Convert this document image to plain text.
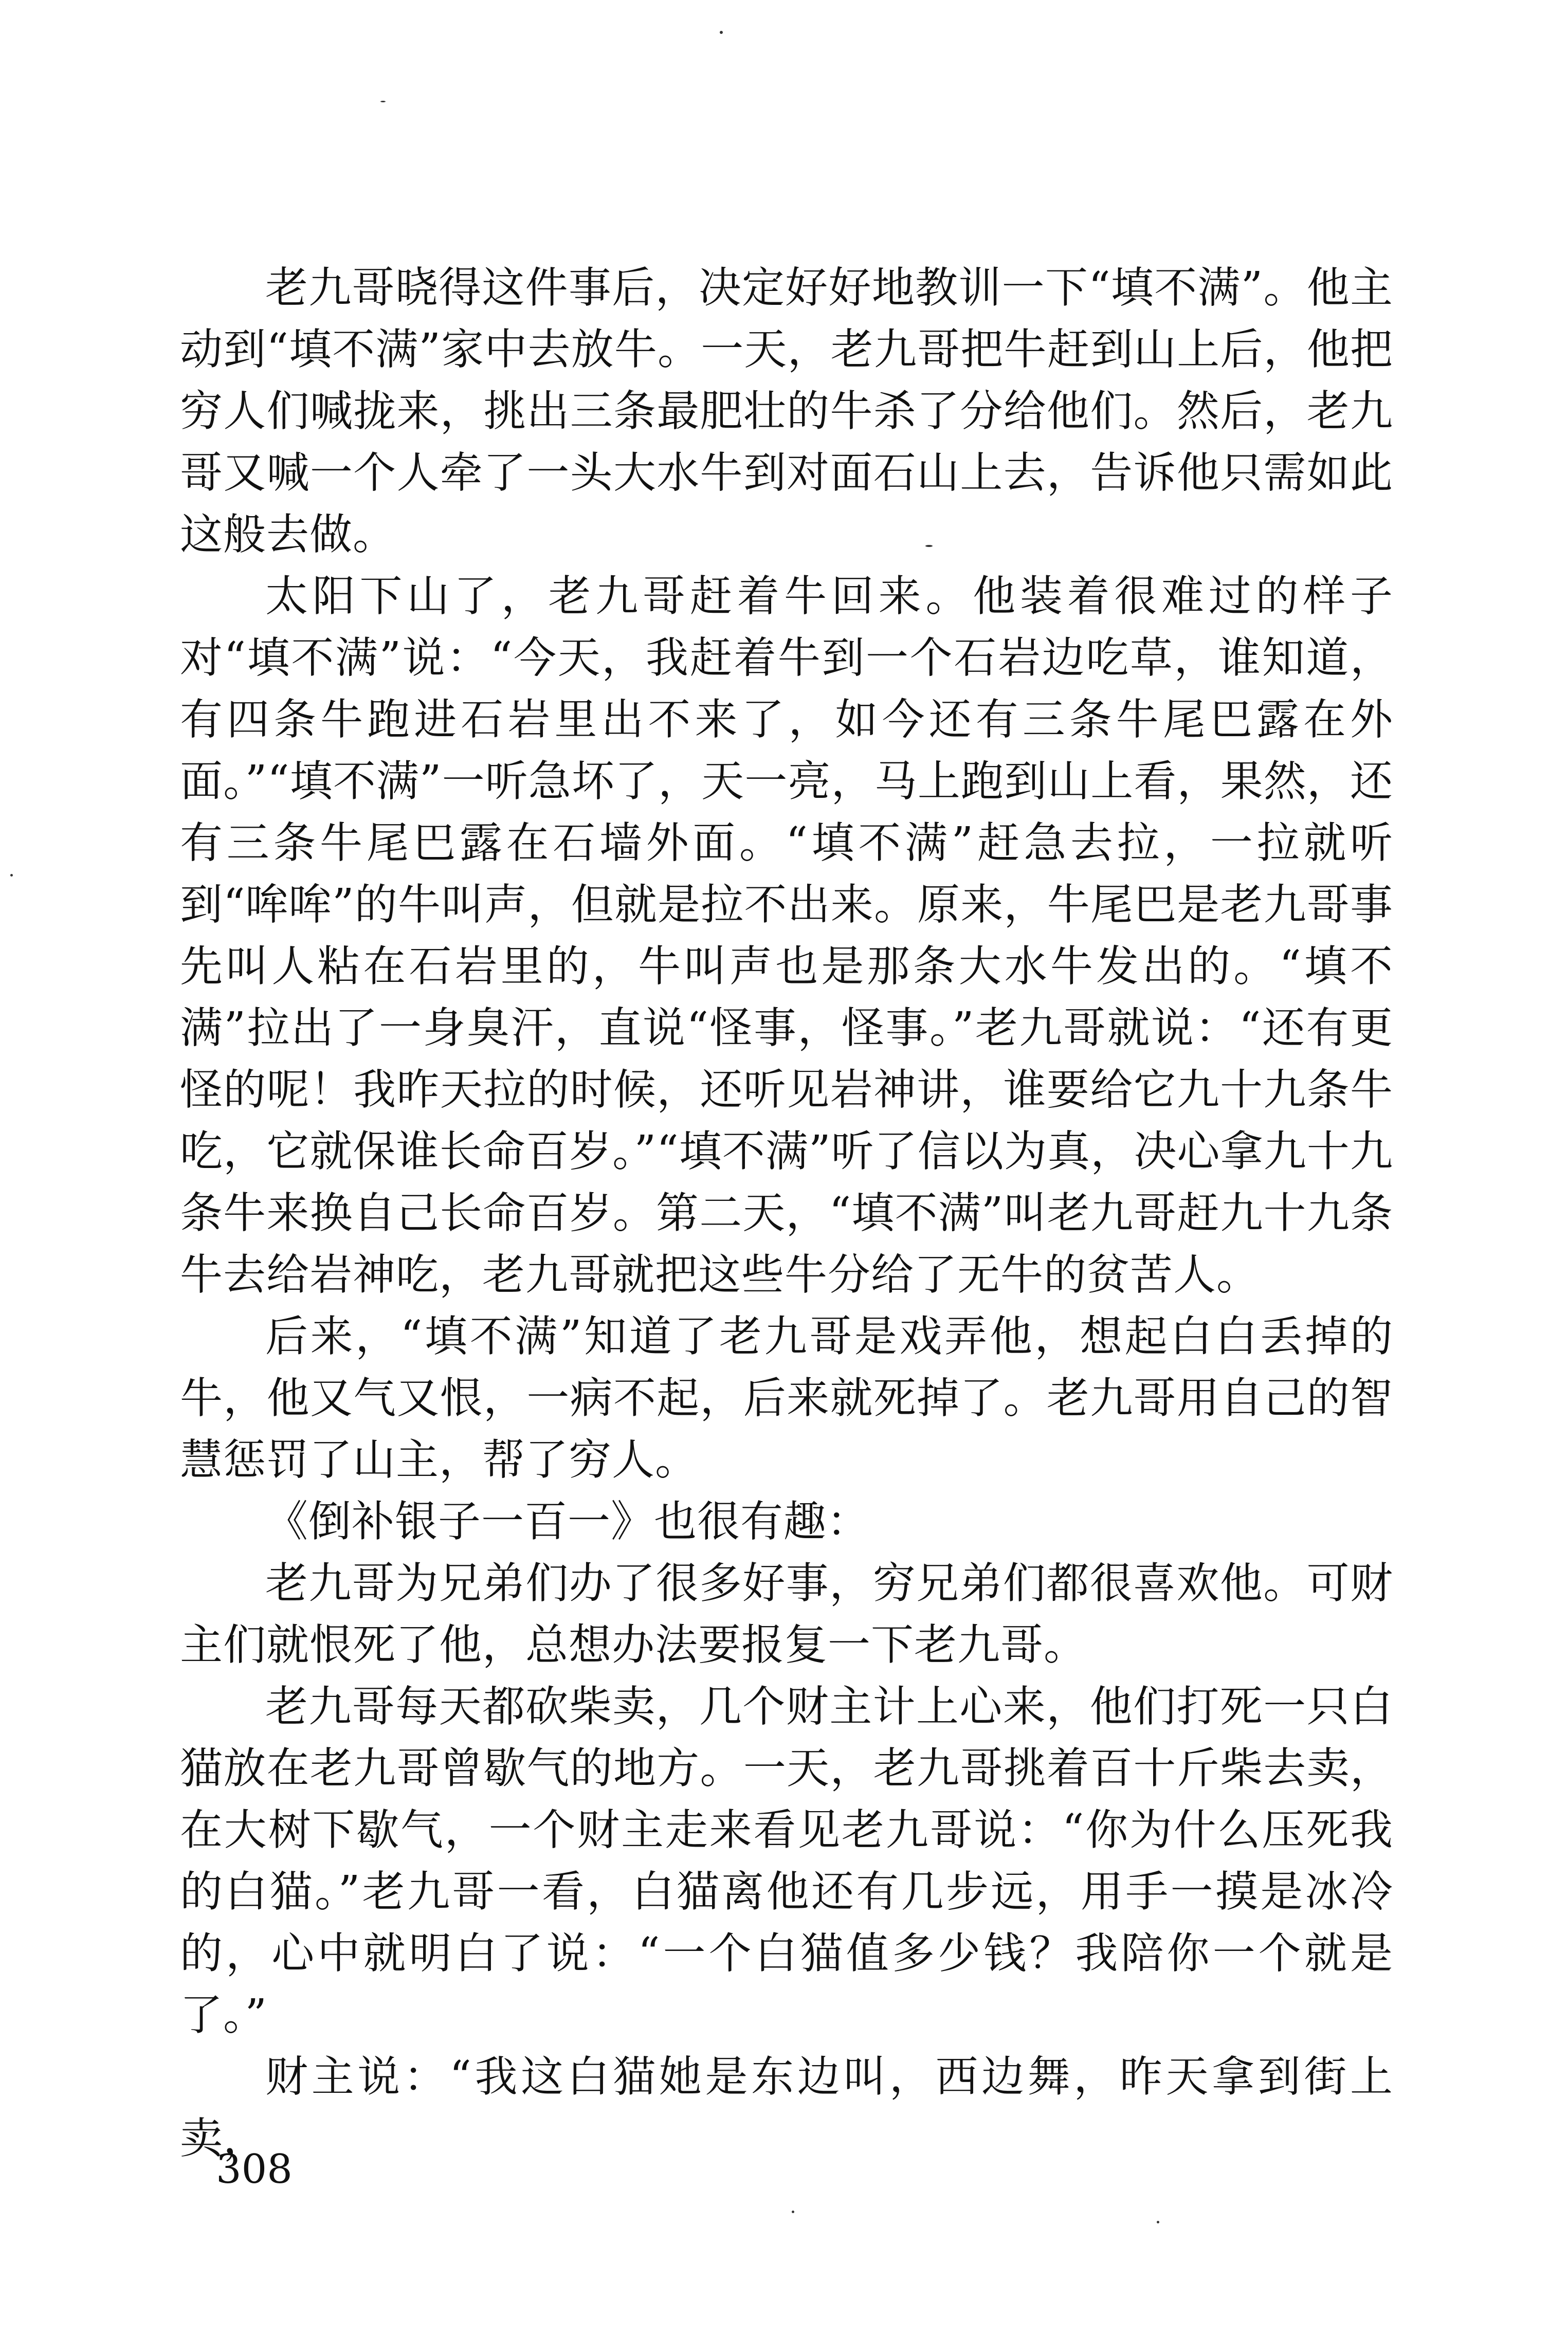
老九哥晓得这件事后，决定好好地教训一下“填不满”。他主动到“填不满”家中去放牛。一天，老九哥把牛赶到山上后，他把穷人们喊拢来，挑出三条最肥壮的牛杀了分给他们。然后，老九哥又喊一个人牵了一头大水牛到对面石山上去，告诉他只需如此这般去做。

太阳下山了，老九哥赶着牛回来。他装着很难过的样子对“填不满”说：“今天，我赶着牛到一个石岩边吃草，谁知道，有四条牛跑进石岩里出不来了，如今还有三条牛尾巴露在外面。”“填不满”一听急坏了，天一亮，马上跑到山上看，果然，还有三条牛尾巴露在石墙外面。“填不满”赶急去拉，一拉就听到“哞哞”的牛叫声，但就是拉不出来。原来，牛尾巴是老九哥事先叫人粘在石岩里的，牛叫声也是那条大水牛发出的。“填不满”拉出了一身臭汗，直说“怪事，怪事。”老九哥就说：“还有更怪的呢！我昨天拉的时候，还听见岩神讲，谁要给它九十九条牛吃，它就保谁长命百岁。”“填不满”听了信以为真，决心拿九十九条牛来换自己长命百岁。第二天，“填不满”叫老九哥赶九十九条牛去给岩神吃，老九哥就把这些牛分给了无牛的贫苦人。

后来，“填不满”知道了老九哥是戏弄他，想起白白丢掉的牛，他又气又恨，一病不起，后来就死掉了。老九哥用自己的智慧惩罚了山主，帮了穷人。

《倒补银子一百一》也很有趣：

老九哥为兄弟们办了很多好事，穷兄弟们都很喜欢他。可财主们就恨死了他，总想办法要报复一下老九哥。

老九哥每天都砍柴卖，几个财主计上心来，他们打死一只白猫放在老九哥曾歇气的地方。一天，老九哥挑着百十斤柴去卖，在大树下歇气，一个财主走来看见老九哥说：“你为什么压死我的白猫。”老九哥一看，白猫离他还有几步远，用手一摸是冰冷的，心中就明白了说：“一个白猫值多少钱？我陪你一个就是了。”

财主说：“我这白猫她是东边叫，西边舞，昨天拿到街上卖，

308
